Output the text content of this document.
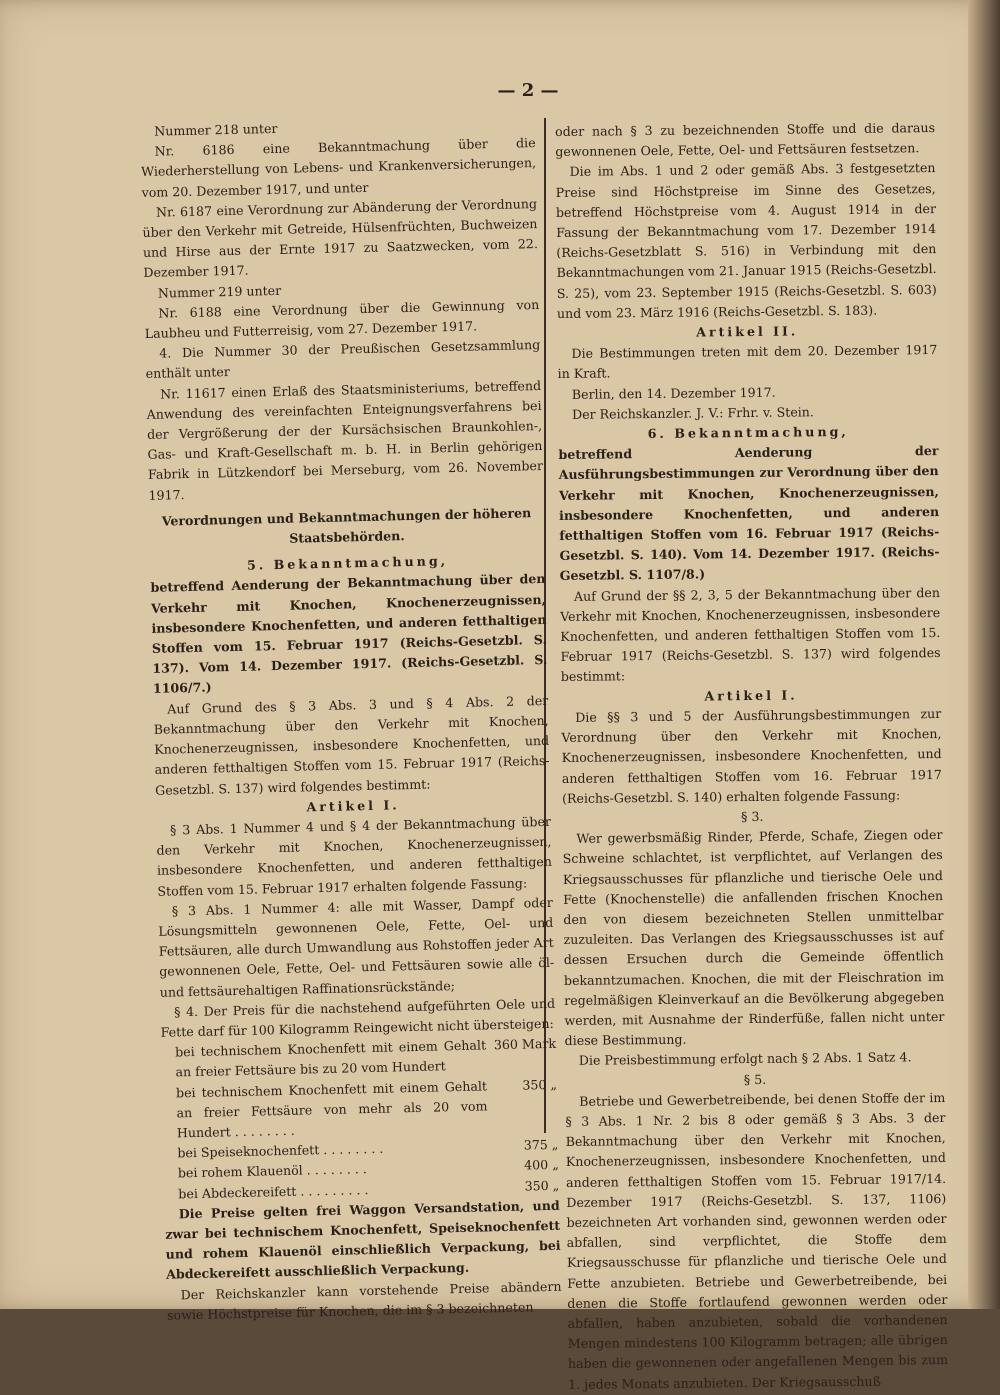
— 2 —

Nummer 218 unter

Nr. 6186 eine Bekanntmachung über die Wiederherstellung von Lebens- und Krankenversicherungen, vom 20. Dezember 1917, und unter

Nr. 6187 eine Verordnung zur Abänderung der Verordnung über den Verkehr mit Getreide, Hülsenfrüchten, Buchweizen und Hirse aus der Ernte 1917 zu Saatzwecken, vom 22. Dezember 1917.

Nummer 219 unter

Nr. 6188 eine Verordnung über die Gewinnung von Laubheu und Futterreisig, vom 27. Dezember 1917.

4. Die Nummer 30 der Preußischen Gesetzsammlung enthält unter

Nr. 11617 einen Erlaß des Staatsministeriums, betreffend Anwendung des vereinfachten Enteignungsverfahrens bei der Vergrößerung der der Kursächsischen Braunkohlen-, Gas- und Kraft-Gesellschaft m. b. H. in Berlin gehörigen Fabrik in Lützkendorf bei Merseburg, vom 26. November 1917.

Verordnungen und Bekanntmachungen der höheren Staatsbehörden.

5. Bekanntmachung,

betreffend Aenderung der Bekanntmachung über den Verkehr mit Knochen, Knochenerzeugnissen, insbesondere Knochenfetten, und anderen fetthaltigen Stoffen vom 15. Februar 1917 (Reichs-Gesetzbl. S. 137). Vom 14. Dezember 1917. (Reichs-Gesetzbl. S. 1106/7.)

Auf Grund des § 3 Abs. 3 und § 4 Abs. 2 der Bekanntmachung über den Verkehr mit Knochen, Knochenerzeugnissen, insbesondere Knochenfetten, und anderen fetthaltigen Stoffen vom 15. Februar 1917 (Reichs-Gesetzbl. S. 137) wird folgendes bestimmt:

Artikel I.

§ 3 Abs. 1 Nummer 4 und § 4 der Bekanntmachung über den Verkehr mit Knochen, Knochenerzeugnissen, insbesondere Knochenfetten, und anderen fetthaltigen Stoffen vom 15. Februar 1917 erhalten folgende Fassung:

§ 3 Abs. 1 Nummer 4: alle mit Wasser, Dampf oder Lösungsmitteln gewonnenen Oele, Fette, Oel- und Fettsäuren, alle durch Umwandlung aus Rohstoffen jeder Art gewonnenen Oele, Fette, Oel- und Fettsäuren sowie alle öl- und fettsäurehaltigen Raffinationsrückstände;

§ 4. Der Preis für die nachstehend aufgeführten Oele und Fette darf für 100 Kilogramm Reingewicht nicht übersteigen:

bei technischem Knochenfett mit einem Gehalt an freier Fettsäure bis zu 20 vom Hundert
360 Mark
bei technischem Knochenfett mit einem Gehalt an freier Fettsäure von mehr als 20 vom Hundert . . . . . . . .
350 „
bei Speiseknochenfett . . . . . . . .	375 „
bei rohem Klauenöl . . . . . . . .	400 „
bei Abdeckereifett . . . . . . . . .	350 „

Die Preise gelten frei Waggon Versandstation, und zwar bei technischem Knochenfett, Speiseknochenfett und rohem Klauenöl einschließlich Verpackung, bei Abdeckereifett ausschließlich Verpackung.

Der Reichskanzler kann vorstehende Preise abändern sowie Höchstpreise für Knochen, die im § 3 bezeichneten

oder nach § 3 zu bezeichnenden Stoffe und die daraus gewonnenen Oele, Fette, Oel- und Fettsäuren festsetzen.

Die im Abs. 1 und 2 oder gemäß Abs. 3 festgesetzten Preise sind Höchstpreise im Sinne des Gesetzes, betreffend Höchstpreise vom 4. August 1914 in der Fassung der Bekanntmachung vom 17. Dezember 1914 (Reichs-Gesetzblatt S. 516) in Verbindung mit den Bekanntmachungen vom 21. Januar 1915 (Reichs-Gesetzbl. S. 25), vom 23. September 1915 (Reichs-Gesetzbl. S. 603) und vom 23. März 1916 (Reichs-Gesetzbl. S. 183).

Artikel II.

Die Bestimmungen treten mit dem 20. Dezember 1917 in Kraft.

Berlin, den 14. Dezember 1917.

Der Reichskanzler. J. V.: Frhr. v. Stein.

6. Bekanntmachung,

betreffend Aenderung der Ausführungsbestimmungen zur Verordnung über den Verkehr mit Knochen, Knochenerzeugnissen, insbesondere Knochenfetten, und anderen fetthaltigen Stoffen vom 16. Februar 1917 (Reichs-Gesetzbl. S. 140). Vom 14. Dezember 1917. (Reichs-Gesetzbl. S. 1107/8.)

Auf Grund der §§ 2, 3, 5 der Bekanntmachung über den Verkehr mit Knochen, Knochenerzeugnissen, insbesondere Knochenfetten, und anderen fetthaltigen Stoffen vom 15. Februar 1917 (Reichs-Gesetzbl. S. 137) wird folgendes bestimmt:

Artikel I.

Die §§ 3 und 5 der Ausführungsbestimmungen zur Verordnung über den Verkehr mit Knochen, Knochenerzeugnissen, insbesondere Knochenfetten, und anderen fetthaltigen Stoffen vom 16. Februar 1917 (Reichs-Gesetzbl. S. 140) erhalten folgende Fassung:

§ 3.

Wer gewerbsmäßig Rinder, Pferde, Schafe, Ziegen oder Schweine schlachtet, ist verpflichtet, auf Verlangen des Kriegsausschusses für pflanzliche und tierische Oele und Fette (Knochenstelle) die anfallenden frischen Knochen den von diesem bezeichneten Stellen unmittelbar zuzuleiten. Das Verlangen des Kriegsausschusses ist auf dessen Ersuchen durch die Gemeinde öffentlich bekanntzumachen. Knochen, die mit der Fleischration im regelmäßigen Kleinverkauf an die Bevölkerung abgegeben werden, mit Ausnahme der Rinderfüße, fallen nicht unter diese Bestimmung.

Die Preisbestimmung erfolgt nach § 2 Abs. 1 Satz 4.

§ 5.

Betriebe und Gewerbetreibende, bei denen Stoffe der im § 3 Abs. 1 Nr. 2 bis 8 oder gemäß § 3 Abs. 3 der Bekanntmachung über den Verkehr mit Knochen, Knochenerzeugnissen, insbesondere Knochenfetten, und anderen fetthaltigen Stoffen vom 15. Februar 1917/14. Dezember 1917 (Reichs-Gesetzbl. S. 137, 1106) bezeichneten Art vorhanden sind, gewonnen werden oder abfallen, sind verpflichtet, die Stoffe dem Kriegsausschusse für pflanzliche und tierische Oele und Fette anzubieten. Betriebe und Gewerbetreibende, bei denen die Stoffe fortlaufend gewonnen werden oder abfallen, haben anzubieten, sobald die vorhandenen Mengen mindestens 100 Kilogramm betragen; alle übrigen haben die gewonnenen oder angefallenen Mengen bis zum 1. jedes Monats anzubieten. Der Kriegsausschuß
